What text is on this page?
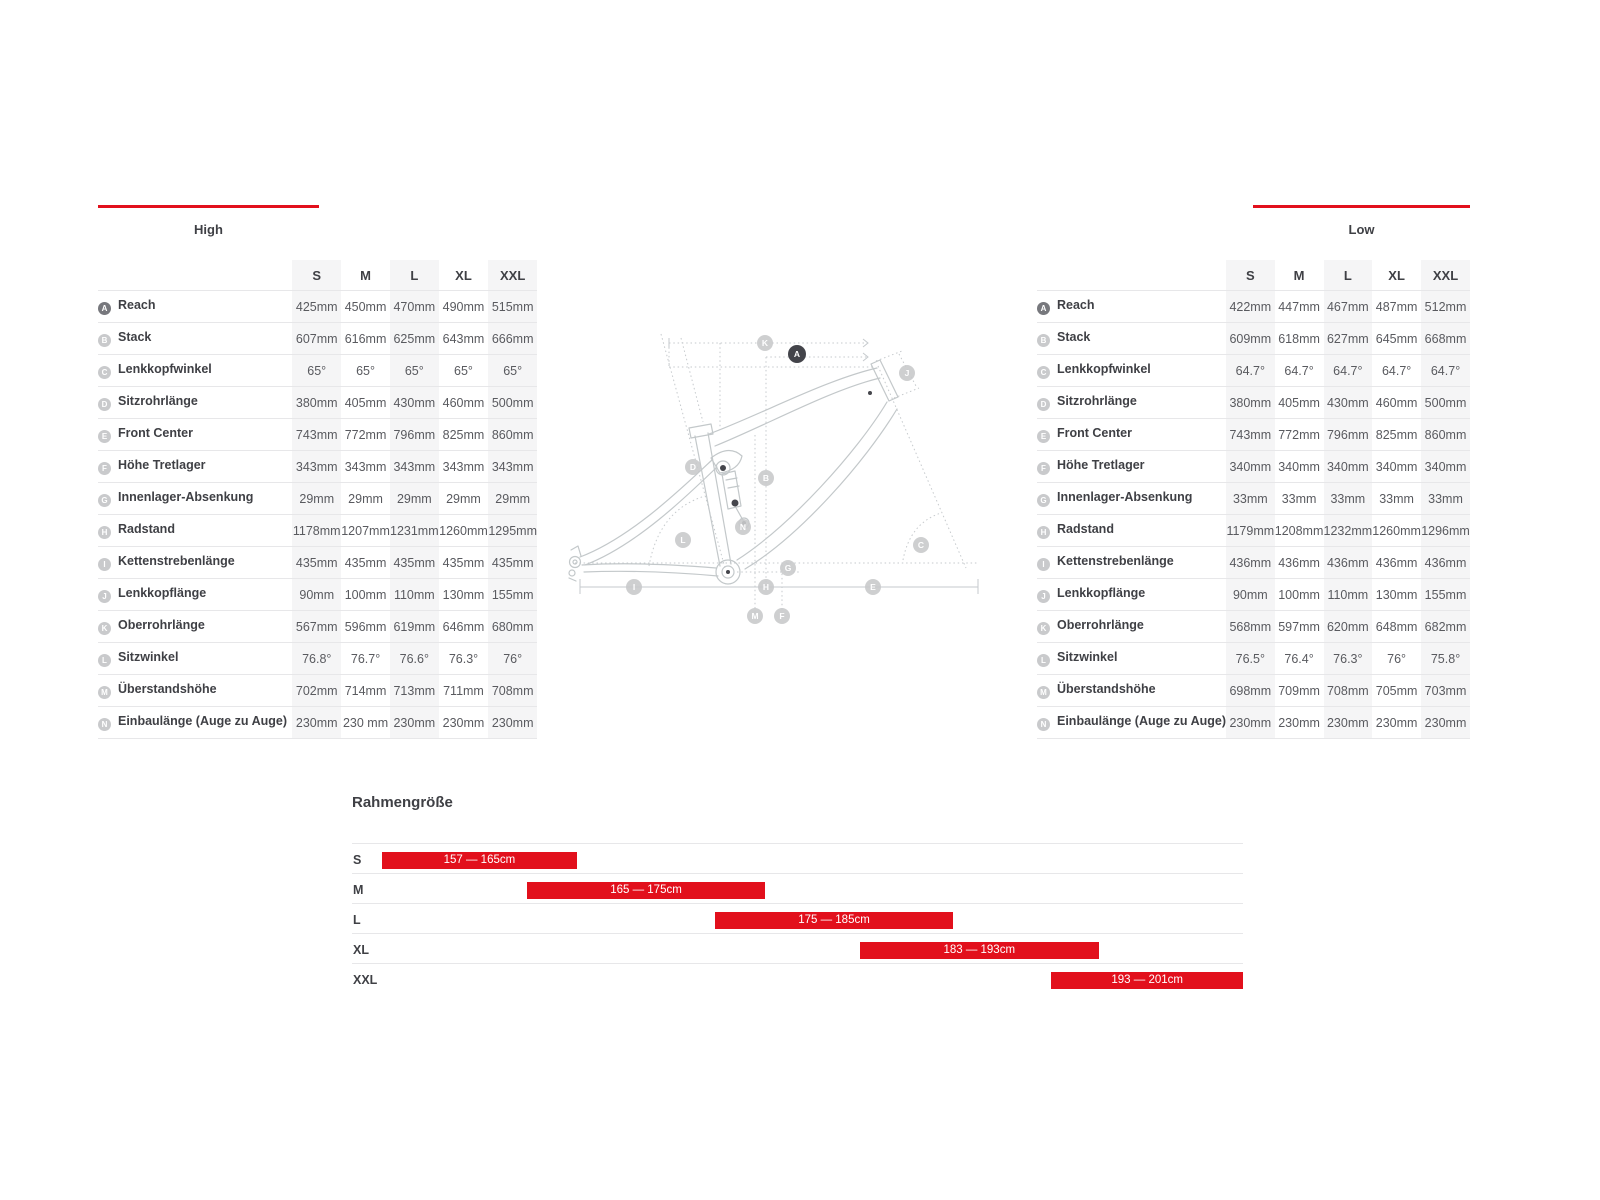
High
	S	M	L	XL	XXL
A Reach	425mm	450mm	470mm	490mm	515mm
B Stack	607mm	616mm	625mm	643mm	666mm
C Lenkkopfwinkel	65°	65°	65°	65°	65°
D Sitzrohrlänge	380mm	405mm	430mm	460mm	500mm
E Front Center	743mm	772mm	796mm	825mm	860mm
F Höhe Tretlager	343mm	343mm	343mm	343mm	343mm
G Innenlager-Absenkung	29mm	29mm	29mm	29mm	29mm
H Radstand	1178mm	1207mm	1231mm	1260mm	1295mm
I Kettenstrebenlänge	435mm	435mm	435mm	435mm	435mm
J Lenkkopflänge	90mm	100mm	110mm	130mm	155mm
K Oberrohrlänge	567mm	596mm	619mm	646mm	680mm
L Sitzwinkel	76.8°	76.7°	76.6°	76.3°	76°
M Überstandshöhe	702mm	714mm	713mm	711mm	708mm
N Einbaulänge (Auge zu Auge)	230mm	230 mm	230mm	230mm	230mm
Low
	S	M	L	XL	XXL
A Reach	422mm	447mm	467mm	487mm	512mm
B Stack	609mm	618mm	627mm	645mm	668mm
C Lenkkopfwinkel	64.7°	64.7°	64.7°	64.7°	64.7°
D Sitzrohrlänge	380mm	405mm	430mm	460mm	500mm
E Front Center	743mm	772mm	796mm	825mm	860mm
F Höhe Tretlager	340mm	340mm	340mm	340mm	340mm
G Innenlager-Absenkung	33mm	33mm	33mm	33mm	33mm
H Radstand	1179mm	1208mm	1232mm	1260mm	1296mm
I Kettenstrebenlänge	436mm	436mm	436mm	436mm	436mm
J Lenkkopflänge	90mm	100mm	110mm	130mm	155mm
K Oberrohrlänge	568mm	597mm	620mm	648mm	682mm
L Sitzwinkel	76.5°	76.4°	76.3°	76°	75.8°
M Überstandshöhe	698mm	709mm	708mm	705mm	703mm
N Einbaulänge (Auge zu Auge)	230mm	230mm	230mm	230mm	230mm
K
A
J
D
B
N
L	C
G
I	H	E
M	F
Rahmengröße
S	157 — 165cm
M	165 — 175cm
L	175 — 185cm
XL	183 — 193cm
XXL	193 — 201cm
